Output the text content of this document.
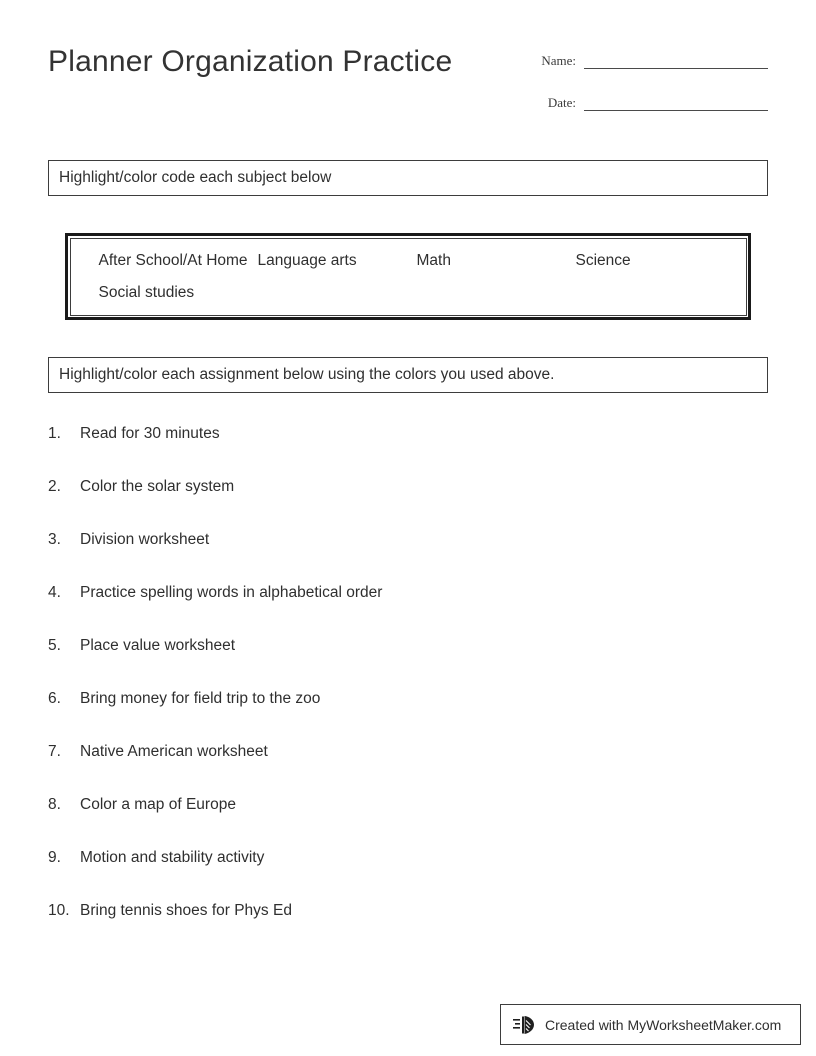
Planner Organization Practice	Name:
Date:
Highlight/color code each subject below
After School/At Home Language arts	Math	Science
Social studies
Highlight/color each assignment below using the colors you used above.
1.	Read for 30 minutes
2.	Color the solar system
3.	Division worksheet
4.	Practice spelling words in alphabetical order
5.	Place value worksheet
6.	Bring money for field trip to the zoo
7.	Native American worksheet
8.	Color a map of Europe
9.	Motion and stability activity
10. Bring tennis shoes for Phys Ed
Created with MyWorksheetMaker.com
